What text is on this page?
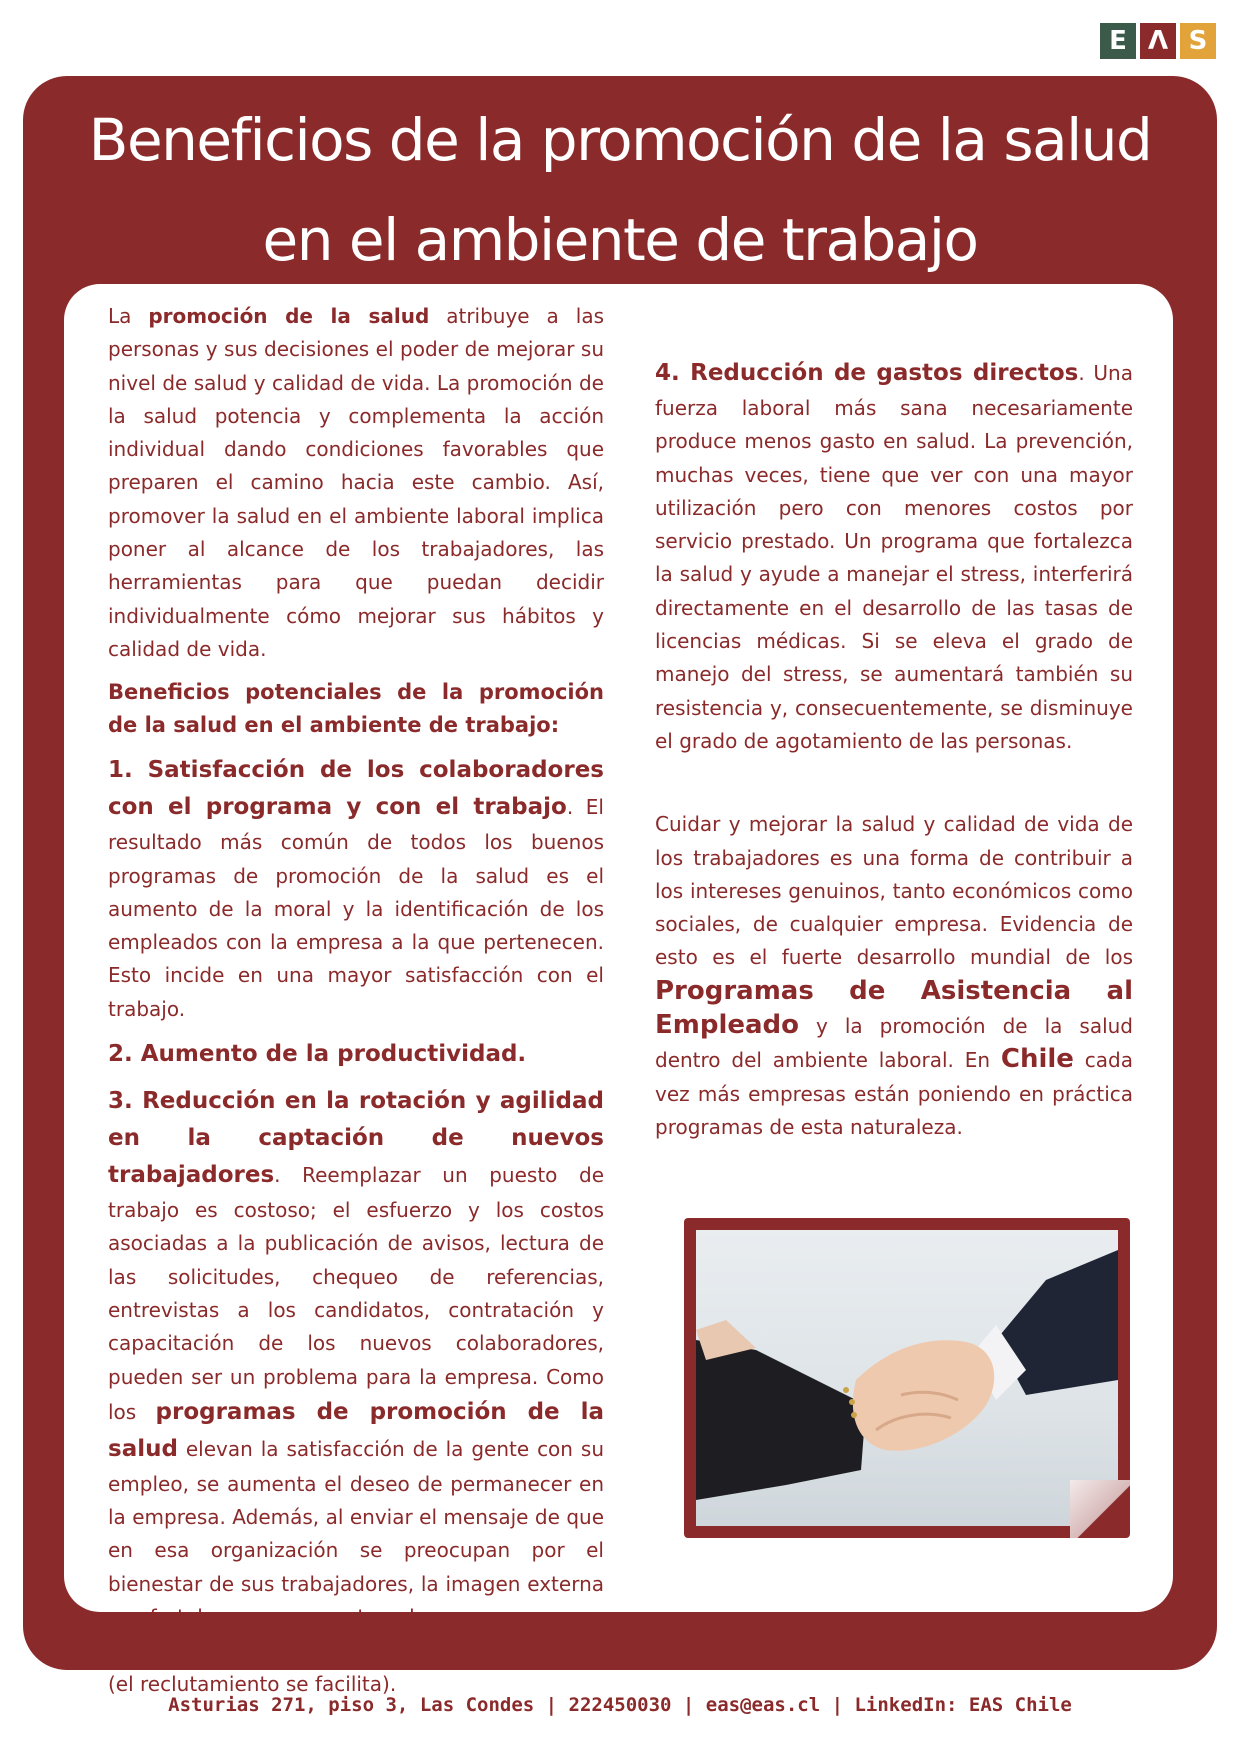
E Λ S
Beneficios de la promoción de la salud
en el ambiente de trabajo

La promoción de la salud atribuye a las personas y sus decisiones el poder de mejorar su nivel de salud y calidad de vida. La promoción de la salud potencia y complementa la acción individual dando condiciones favorables que preparen el camino hacia este cambio. Así, promover la salud en el ambiente laboral implica poner al alcance de los trabajadores, las herramientas para que puedan decidir individualmente cómo mejorar sus hábitos y calidad de vida.

Beneficios potenciales de la promoción de la salud en el ambiente de trabajo:

1. Satisfacción de los colaboradores con el programa y con el trabajo. El resultado más común de todos los buenos programas de promoción de la salud es el aumento de la moral y la identificación de los empleados con la empresa a la que pertenecen. Esto incide en una mayor satisfacción con el trabajo.

2. Aumento de la productividad.

3. Reducción en la rotación y agilidad en la captación de nuevos trabajadores. Reemplazar un puesto de trabajo es costoso; el esfuerzo y los costos asociadas a la publicación de avisos, lectura de las solicitudes, chequeo de referencias, entrevistas a los candidatos, contratación y capacitación de los nuevos colaboradores, pueden ser un problema para la empresa. Como los programas de promoción de la salud elevan la satisfacción de la gente con su empleo, se aumenta el deseo de permanecer en la empresa. Además, al enviar el mensaje de que en esa organización se preocupan por el bienestar de sus trabajadores, la imagen externa se fortalece y aumentan las personas que desean ingresar a formar parte de la compañía (el reclutamiento se facilita).

4. Reducción de gastos directos. Una fuerza laboral más sana necesariamente produce menos gasto en salud. La prevención, muchas veces, tiene que ver con una mayor utilización pero con menores costos por servicio prestado. Un programa que fortalezca la salud y ayude a manejar el stress, interferirá directamente en el desarrollo de las tasas de licencias médicas. Si se eleva el grado de manejo del stress, se aumentará también su resistencia y, consecuentemente, se disminuye el grado de agotamiento de las personas.

Cuidar y mejorar la salud y calidad de vida de los trabajadores es una forma de contribuir a los intereses genuinos, tanto económicos como sociales, de cualquier empresa. Evidencia de esto es el fuerte desarrollo mundial de los Programas de Asistencia al Empleado y la promoción de la salud dentro del ambiente laboral. En Chile cada vez más empresas están poniendo en práctica programas de esta naturaleza.

Asturias 271, piso 3, Las Condes | 222450030 | eas@eas.cl | LinkedIn: EAS Chile
